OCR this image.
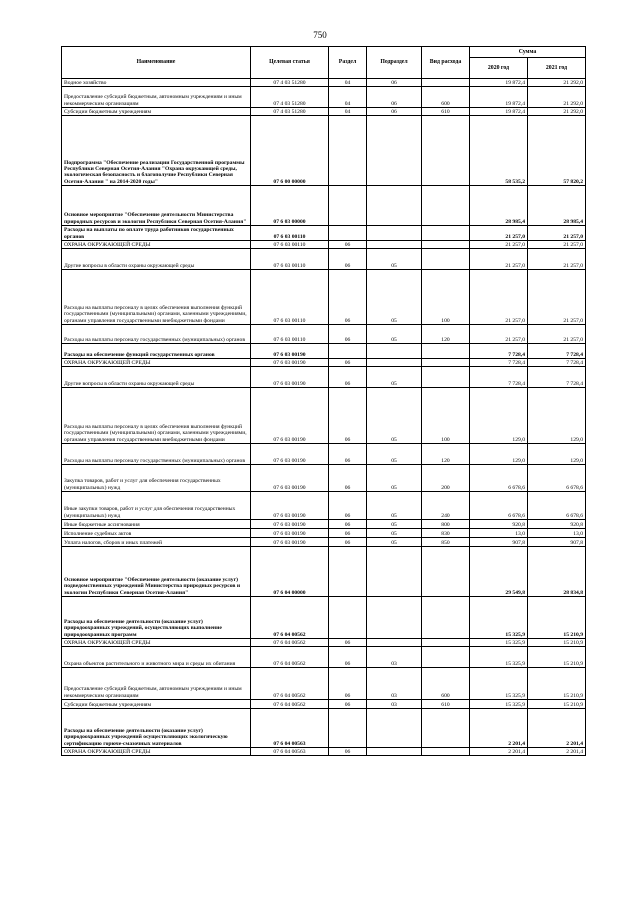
750
Наименование	Целевая статья	Раздел	Подраздел	Вид расхода	Сумма	
					2020 год	2021 год
Водное хозяйство	07 4 03 51280	04	06		19 872,4	21 292,0
Предоставление субсидий бюджетным, автономным учреждениям и иным некоммерческим организациям	07 4 03 51280	04	06	600	19 872,4	21 292,0
Субсидии бюджетным учреждениям	07 4 03 51280	04	06	610	19 872,4	21 292,0
Подпрограмма "Обеспечение реализации Государственной программы Республики Северная Осетия-Алания "Охрана окружающей среды, экологическая безопасность и благополучие Республики Северная Осетия-Алания " на 2014-2020 годы"	07 6 00 00000				58 535,2	57 820,2
Основное мероприятие "Обеспечение деятельности Министерства природных ресурсов и экологии Республики Северная Осетия-Алания"	07 6 03 00000				28 985,4	28 985,4
Расходы на выплаты по оплате труда работников государственных органов	07 6 03 00110				21 257,0	21 257,0
ОХРАНА ОКРУЖАЮЩЕЙ СРЕДЫ	07 6 03 00110	06			21 257,0	21 257,0
Другие вопросы в области охраны окружающей среды	07 6 03 00110	06	05		21 257,0	21 257,0
Расходы на выплаты персоналу в целях обеспечения выполнения функций государственными (муниципальными) органами, казенными учреждениями, органами управления государственными внебюджетными фондами	07 6 03 00110	06	05	100	21 257,0	21 257,0
Расходы на выплаты персоналу государственных (муниципальных) органов	07 6 03 00110	06	05	120	21 257,0	21 257,0
Расходы на обеспечение функций государственных органов	07 6 03 00190				7 728,4	7 728,4
ОХРАНА ОКРУЖАЮЩЕЙ СРЕДЫ	07 6 03 00190	06			7 728,4	7 728,4
Другие вопросы в области охраны окружающей среды	07 6 03 00190	06	05		7 728,4	7 728,4
Расходы на выплаты персоналу в целях обеспечения выполнения функций государственными (муниципальными) органами, казенными учреждениями, органами управления государственными внебюджетными фондами	07 6 03 00190	06	05	100	129,0	129,0
Расходы на выплаты персоналу государственных (муниципальных) органов	07 6 03 00190	06	05	120	129,0	129,0
Закупка товаров, работ и услуг для обеспечения государственных (муниципальных) нужд	07 6 03 00190	06	05	200	6 678,6	6 678,6
Иные закупки товаров, работ и услуг для обеспечения государственных (муниципальных) нужд	07 6 03 00190	06	05	240	6 678,6	6 678,6
Иные бюджетные ассигнования	07 6 03 00190	06	05	800	920,8	920,8
Исполнение судебных актов	07 6 03 00190	06	05	830	13,0	13,0
Уплата налогов, сборов и иных платежей	07 6 03 00190	06	05	850	907,8	907,8
Основное мероприятие "Обеспечение деятельности (оказание услуг) подведомственных учреждений Министерства природных ресурсов и экологии Республики Северная Осетия-Алания"	07 6 04 00000				29 549,8	28 834,8
Расходы на обеспечение деятельности (оказание услуг) природоохранных учреждений, осуществляющих выполнение природоохранных программ	07 6 04 00562				15 325,9	15 210,9
ОХРАНА ОКРУЖАЮЩЕЙ СРЕДЫ	07 6 04 00562	06			15 325,9	15 210,9
Охрана объектов растительного и животного мира и среды их обитания	07 6 04 00562	06	03		15 325,9	15 210,9
Предоставление субсидий бюджетным, автономным учреждениям и иным некоммерческим организациям	07 6 04 00562	06	03	600	15 325,9	15 210,9
Субсидии бюджетным учреждениям	07 6 04 00562	06	03	610	15 325,9	15 210,9
Расходы на обеспечение деятельности (оказание услуг) природоохранных учреждений осуществляющих экологическую сертификацию горюче-смазочных материалов	07 6 04 00563				2 201,4	2 201,4
ОХРАНА ОКРУЖАЮЩЕЙ СРЕДЫ	07 6 04 00563	06			2 201,4	2 201,4
